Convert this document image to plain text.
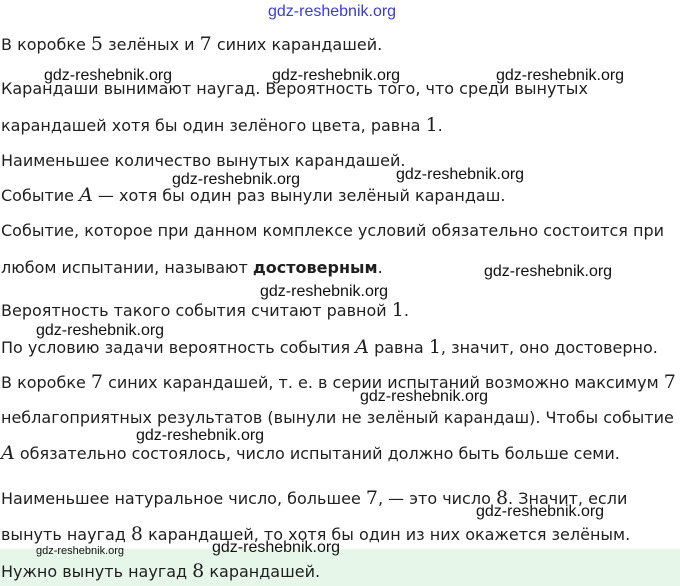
В коробке 5 зелёных и 7 синих карандашей.

Карандаши вынимают наугад. Вероятность того, что среди вынутых

карандашей хотя бы один зелёного цвета, равна 1.

Наименьшее количество вынутых карандашей.

Событие A — хотя бы один раз вынули зелёный карандаш.

Событие, которое при данном комплексе условий обязательно состоится при

любом испытании, называют достоверным.

Вероятность такого события считают равной 1.

По условию задачи вероятность события A равна 1, значит, оно достоверно.

В коробке 7 синих карандашей, т. е. в серии испытаний возможно максимум 7

неблагоприятных результатов (вынули не зелёный карандаш). Чтобы событие

A обязательно состоялось, число испытаний должно быть больше семи.

Наименьшее натуральное число, большее 7, — это число 8. Значит, если

вынуть наугад 8 карандашей, то хотя бы один из них окажется зелёным.

Нужно вынуть наугад 8 карандашей.

gdz-reshebnik.org
gdz-reshebnik.org	gdz-reshebnik.org	gdz-reshebnik.org
gdz-reshebnik.org
gdz-reshebnik.org
gdz-reshebnik.org
gdz-reshebnik.org
gdz-reshebnik.org
gdz-reshebnik.org
gdz-reshebnik.org
gdz-reshebnik.org
gdz-reshebnik.org	gdz-reshebnik.org
